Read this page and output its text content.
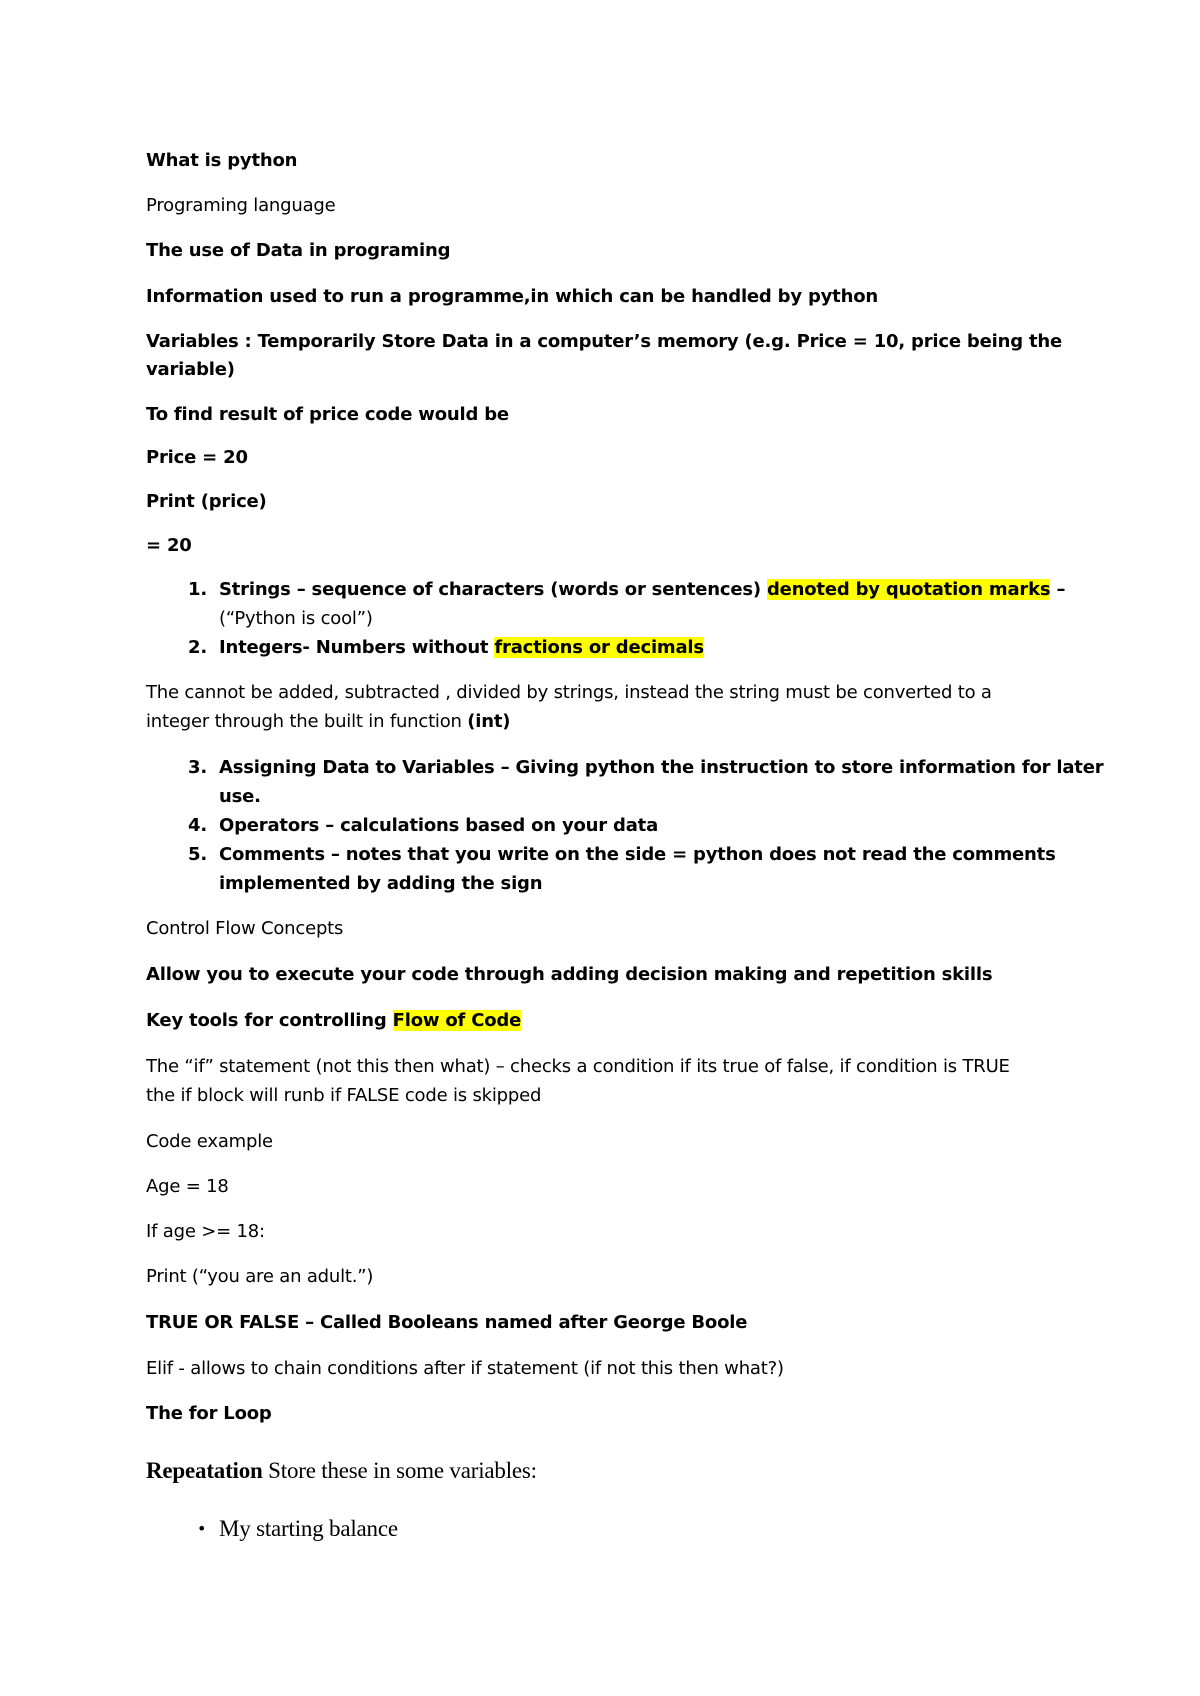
What is python
Programing language
The use of Data in programing
Information used to run a programme,in which can be handled by python
Variables : Temporarily Store Data in a computer’s memory (e.g. Price = 10, price being the
variable)
To find result of price code would be
Price = 20
Print (price)
= 20
1. Strings – sequence of characters (words or sentences) denoted by quotation marks –
(“Python is cool”)
2. Integers- Numbers without fractions or decimals
The cannot be added, subtracted , divided by strings, instead the string must be converted to a
integer through the built in function (int)
3. Assigning Data to Variables – Giving python the instruction to store information for later
use.
4. Operators – calculations based on your data
5. Comments – notes that you write on the side = python does not read the comments
implemented by adding the sign
Control Flow Concepts
Allow you to execute your code through adding decision making and repetition skills
Key tools for controlling Flow of Code
The “if” statement (not this then what) – checks a condition if its true of false, if condition is TRUE
the if block will runb if FALSE code is skipped
Code example
Age = 18
If age >= 18:
Print (“you are an adult.”)
TRUE OR FALSE – Called Booleans named after George Boole
Elif - allows to chain conditions after if statement (if not this then what?)
The for Loop
Repeatation Store these in some variables:
• My starting balance
